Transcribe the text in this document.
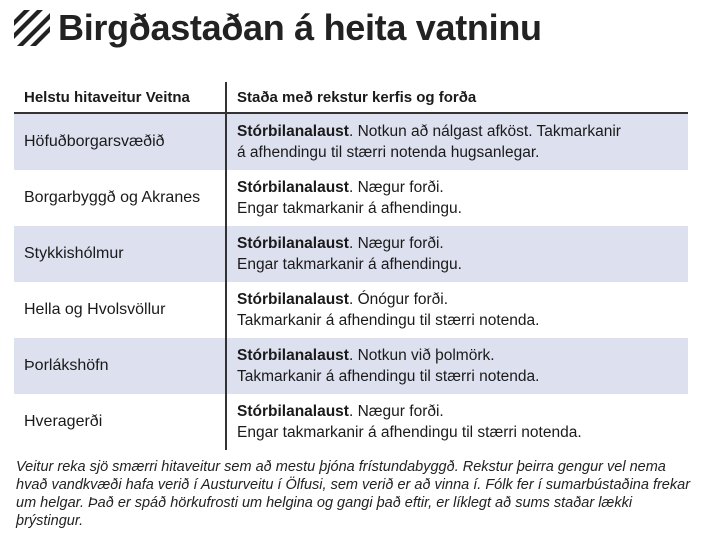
Birgðastaðan á heita vatninu
Helstu hitaveitur Veitna	Staða með rekstur kerfis og forða
Höfuðborgarsvæðið
Stórbilanalaust. Notkun að nálgast afköst. Takmarkanir
á afhendingu til stærri notenda hugsanlegar.
Borgarbyggð og Akranes
Stórbilanalaust. Nægur forði.
Engar takmarkanir á afhendingu.
Stykkishólmur
Stórbilanalaust. Nægur forði.
Engar takmarkanir á afhendingu.
Hella og Hvolsvöllur
Stórbilanalaust. Ónógur forði.
Takmarkanir á afhendingu til stærri notenda.
Þorlákshöfn
Stórbilanalaust. Notkun við þolmörk.
Takmarkanir á afhendingu til stærri notenda.
Hveragerði
Stórbilanalaust. Nægur forði.
Engar takmarkanir á afhendingu til stærri notenda.
Veitur reka sjö smærri hitaveitur sem að mestu þjóna frístundabyggð. Rekstur þeirra gengur vel nema hvað vandkvæði hafa verið í Austurveitu í Ölfusi, sem verið er að vinna í. Fólk fer í sumarbústaðina frekar um helgar. Það er spáð hörkufrosti um helgina og gangi það eftir, er líklegt að sums staðar lækki þrýstingur.
